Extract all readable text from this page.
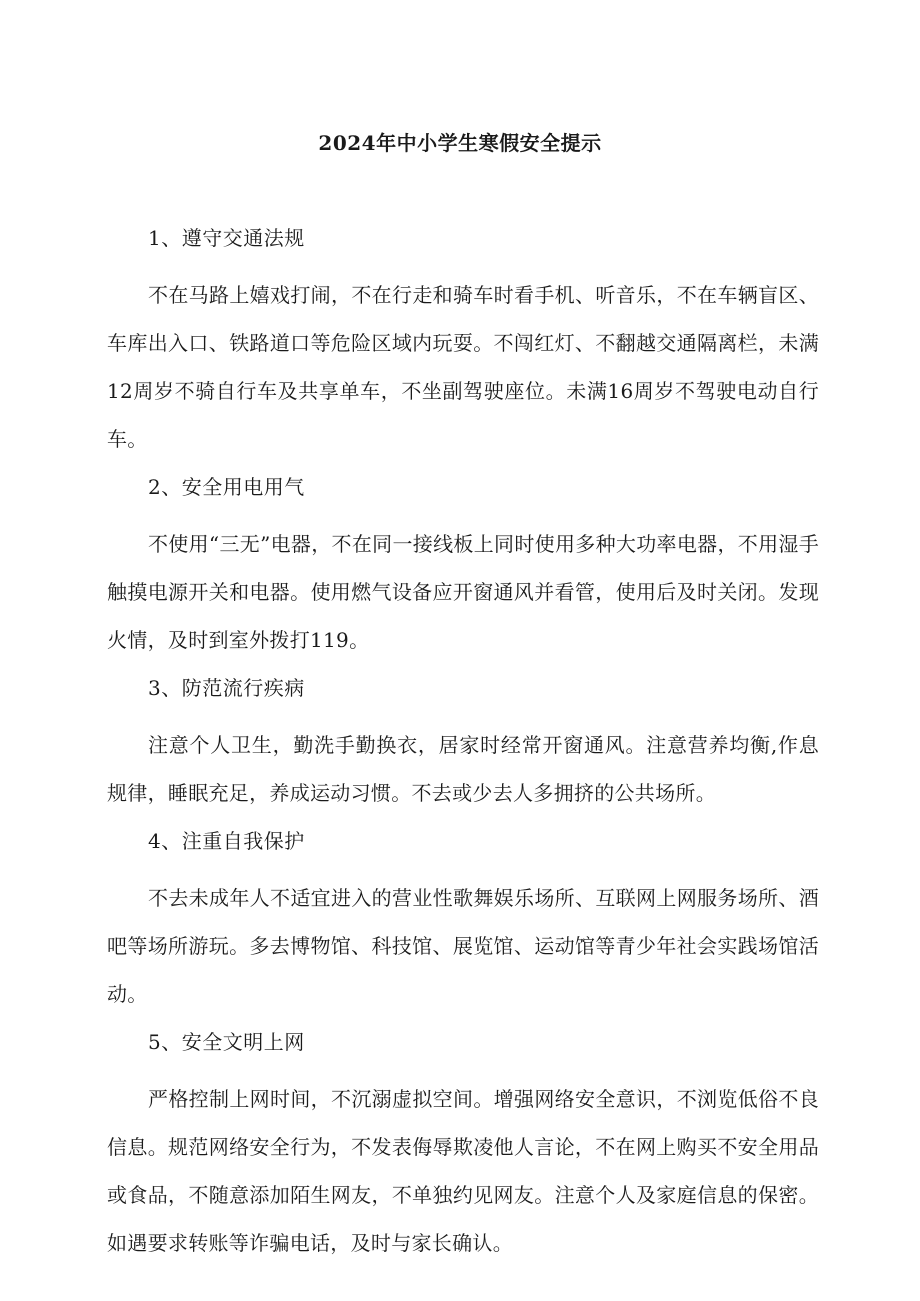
2024年中小学生寒假安全提示
1、遵守交通法规

不在马路上嬉戏打闹，不在行走和骑车时看手机、听音乐，不在车辆盲区、车库出入口、铁路道口等危险区域内玩耍。不闯红灯、不翻越交通隔离栏，未满12周岁不骑自行车及共享单车，不坐副驾驶座位。未满16周岁不驾驶电动自行车。

2、安全用电用气

不使用“三无”电器，不在同一接线板上同时使用多种大功率电器，不用湿手触摸电源开关和电器。使用燃气设备应开窗通风并看管，使用后及时关闭。发现火情，及时到室外拨打119。

3、防范流行疾病

注意个人卫生，勤洗手勤换衣，居家时经常开窗通风。注意营养均衡,作息规律，睡眠充足，养成运动习惯。不去或少去人多拥挤的公共场所。

4、注重自我保护

不去未成年人不适宜进入的营业性歌舞娱乐场所、互联网上网服务场所、酒吧等场所游玩。多去博物馆、科技馆、展览馆、运动馆等青少年社会实践场馆活动。

5、安全文明上网

严格控制上网时间，不沉溺虚拟空间。增强网络安全意识，不浏览低俗不良信息。规范网络安全行为，不发表侮辱欺凌他人言论，不在网上购买不安全用品或食品，不随意添加陌生网友，不单独约见网友。注意个人及家庭信息的保密。如遇要求转账等诈骗电话，及时与家长确认。
